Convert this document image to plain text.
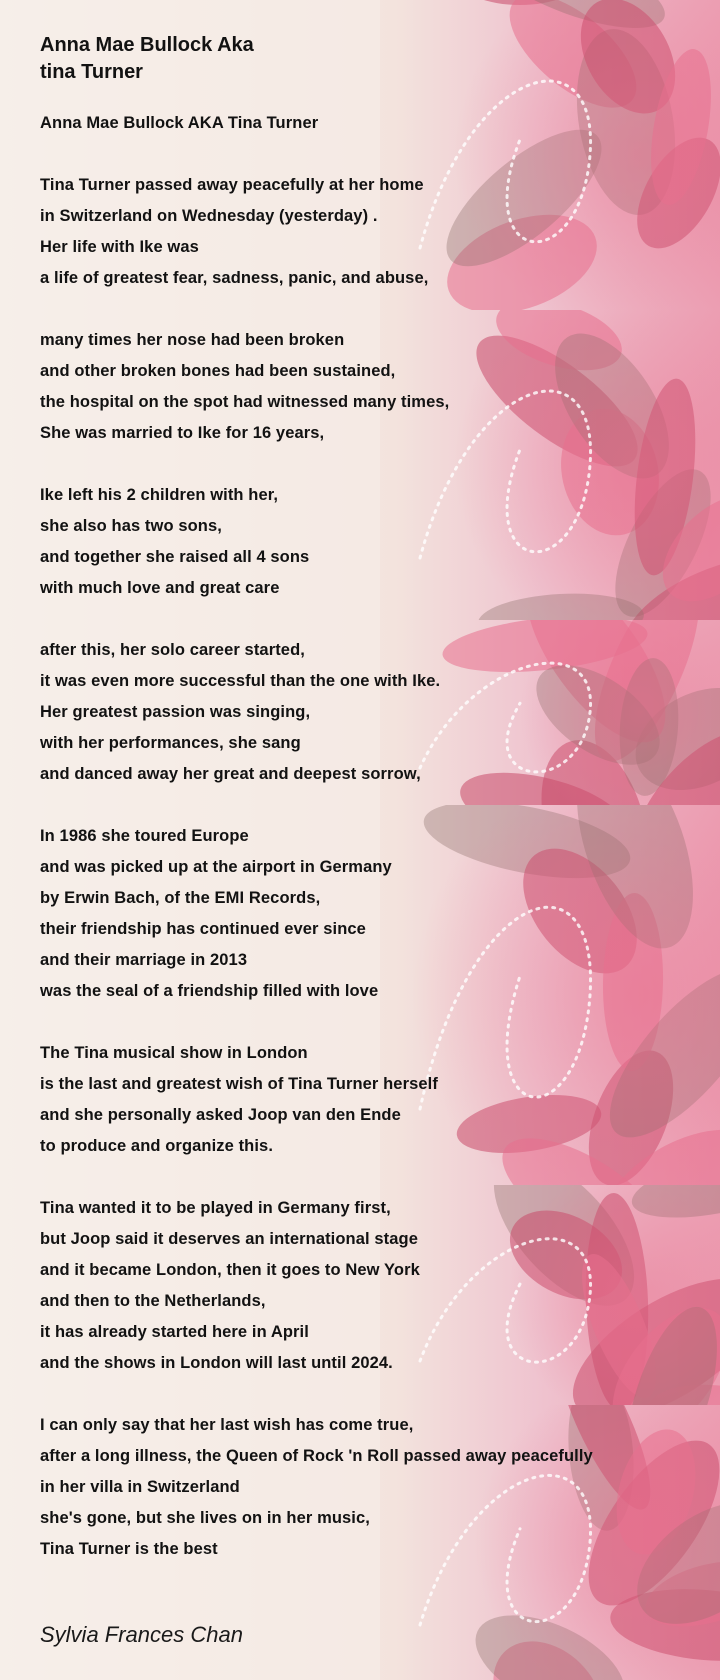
Anna Mae Bullock Aka
tina Turner
Anna Mae Bullock AKA Tina Turner
Tina Turner passed away peacefully at her home
in Switzerland on Wednesday (yesterday) .
Her life with Ike was
a life of greatest fear, sadness, panic, and abuse,
many times her nose had been broken
and other broken bones had been sustained,
the hospital on the spot had witnessed many times,
She was married to Ike for 16 years,
Ike left his 2 children with her,
she also has two sons,
and together she raised all 4 sons
with much love and great care
after this, her solo career started,
it was even more successful than the one with Ike.
Her greatest passion was singing,
with her performances, she sang
and danced away her great and deepest sorrow,
In 1986 she toured Europe
and was picked up at the airport in Germany
by Erwin Bach, of the EMI Records,
their friendship has continued ever since
and their marriage in 2013
was the seal of a friendship filled with love
The Tina musical show in London
is the last and greatest wish of Tina Turner herself
and she personally asked Joop van den Ende
to produce and organize this.
Tina wanted it to be played in Germany first,
but Joop said it deserves an international stage
and it became London, then it goes to New York
and then to the Netherlands,
it has already started here in April
and the shows in London will last until 2024.
I can only say that her last wish has come true,
after a long illness, the Queen of Rock 'n Roll passed away peacefully
in her villa in Switzerland
she's gone, but she lives on in her music,
Tina Turner is the best
Sylvia Frances Chan
